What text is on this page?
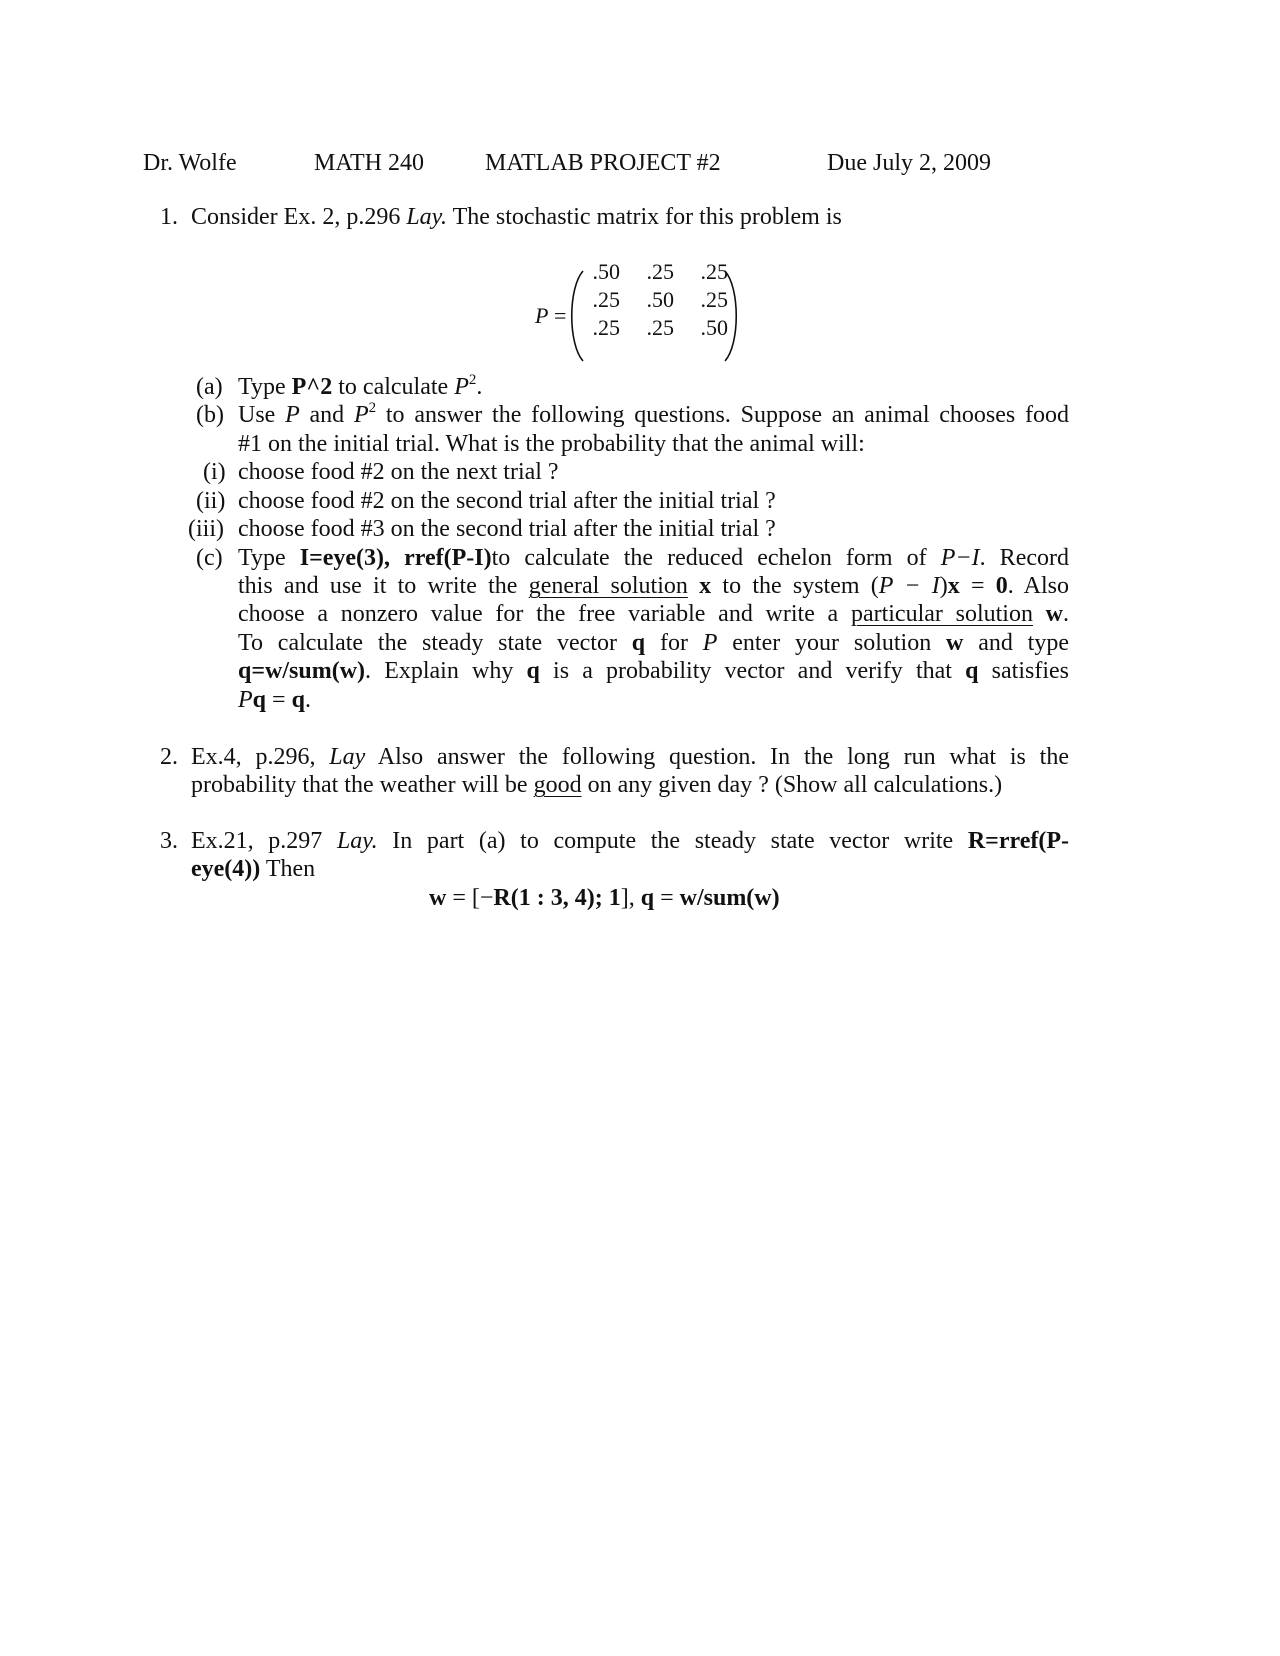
Dr. Wolfe	MATH 240	MATLAB PROJECT #2	Due July 2, 2009
1. Consider Ex. 2, p.296 Lay. The stochastic matrix for this problem is
P =
.50	.25	.25
.25	.50	.25
.25	.25	.50
(a) Type P^2 to calculate $P^2$.
(b) Use P and $P^2$ to answer the following questions. Suppose an animal chooses food
#1 on the initial trial. What is the probability that the animal will:
(i) choose food #2 on the next trial ?
(ii) choose food #2 on the second trial after the initial trial ?
(iii) choose food #3 on the second trial after the initial trial ?
(c) Type I=eye(3), rref(P-I)to calculate the reduced echelon form of P−I. Record
this and use it to write the general solution x to the system (P − I)x = 0. Also
choose a nonzero value for the free variable and write a particular solution w.
To calculate the steady state vector q for P enter your solution w and type
q=w/sum(w). Explain why q is a probability vector and verify that q satisfies
Pq = q.
2. Ex.4, p.296, Lay Also answer the following question. In the long run what is the
probability that the weather will be good on any given day ? (Show all calculations.)
3. Ex.21, p.297 Lay. In part (a) to compute the steady state vector write R=rref(P-
eye(4)) Then
w = [−R(1 : 3, 4); 1], q = w/sum(w)
